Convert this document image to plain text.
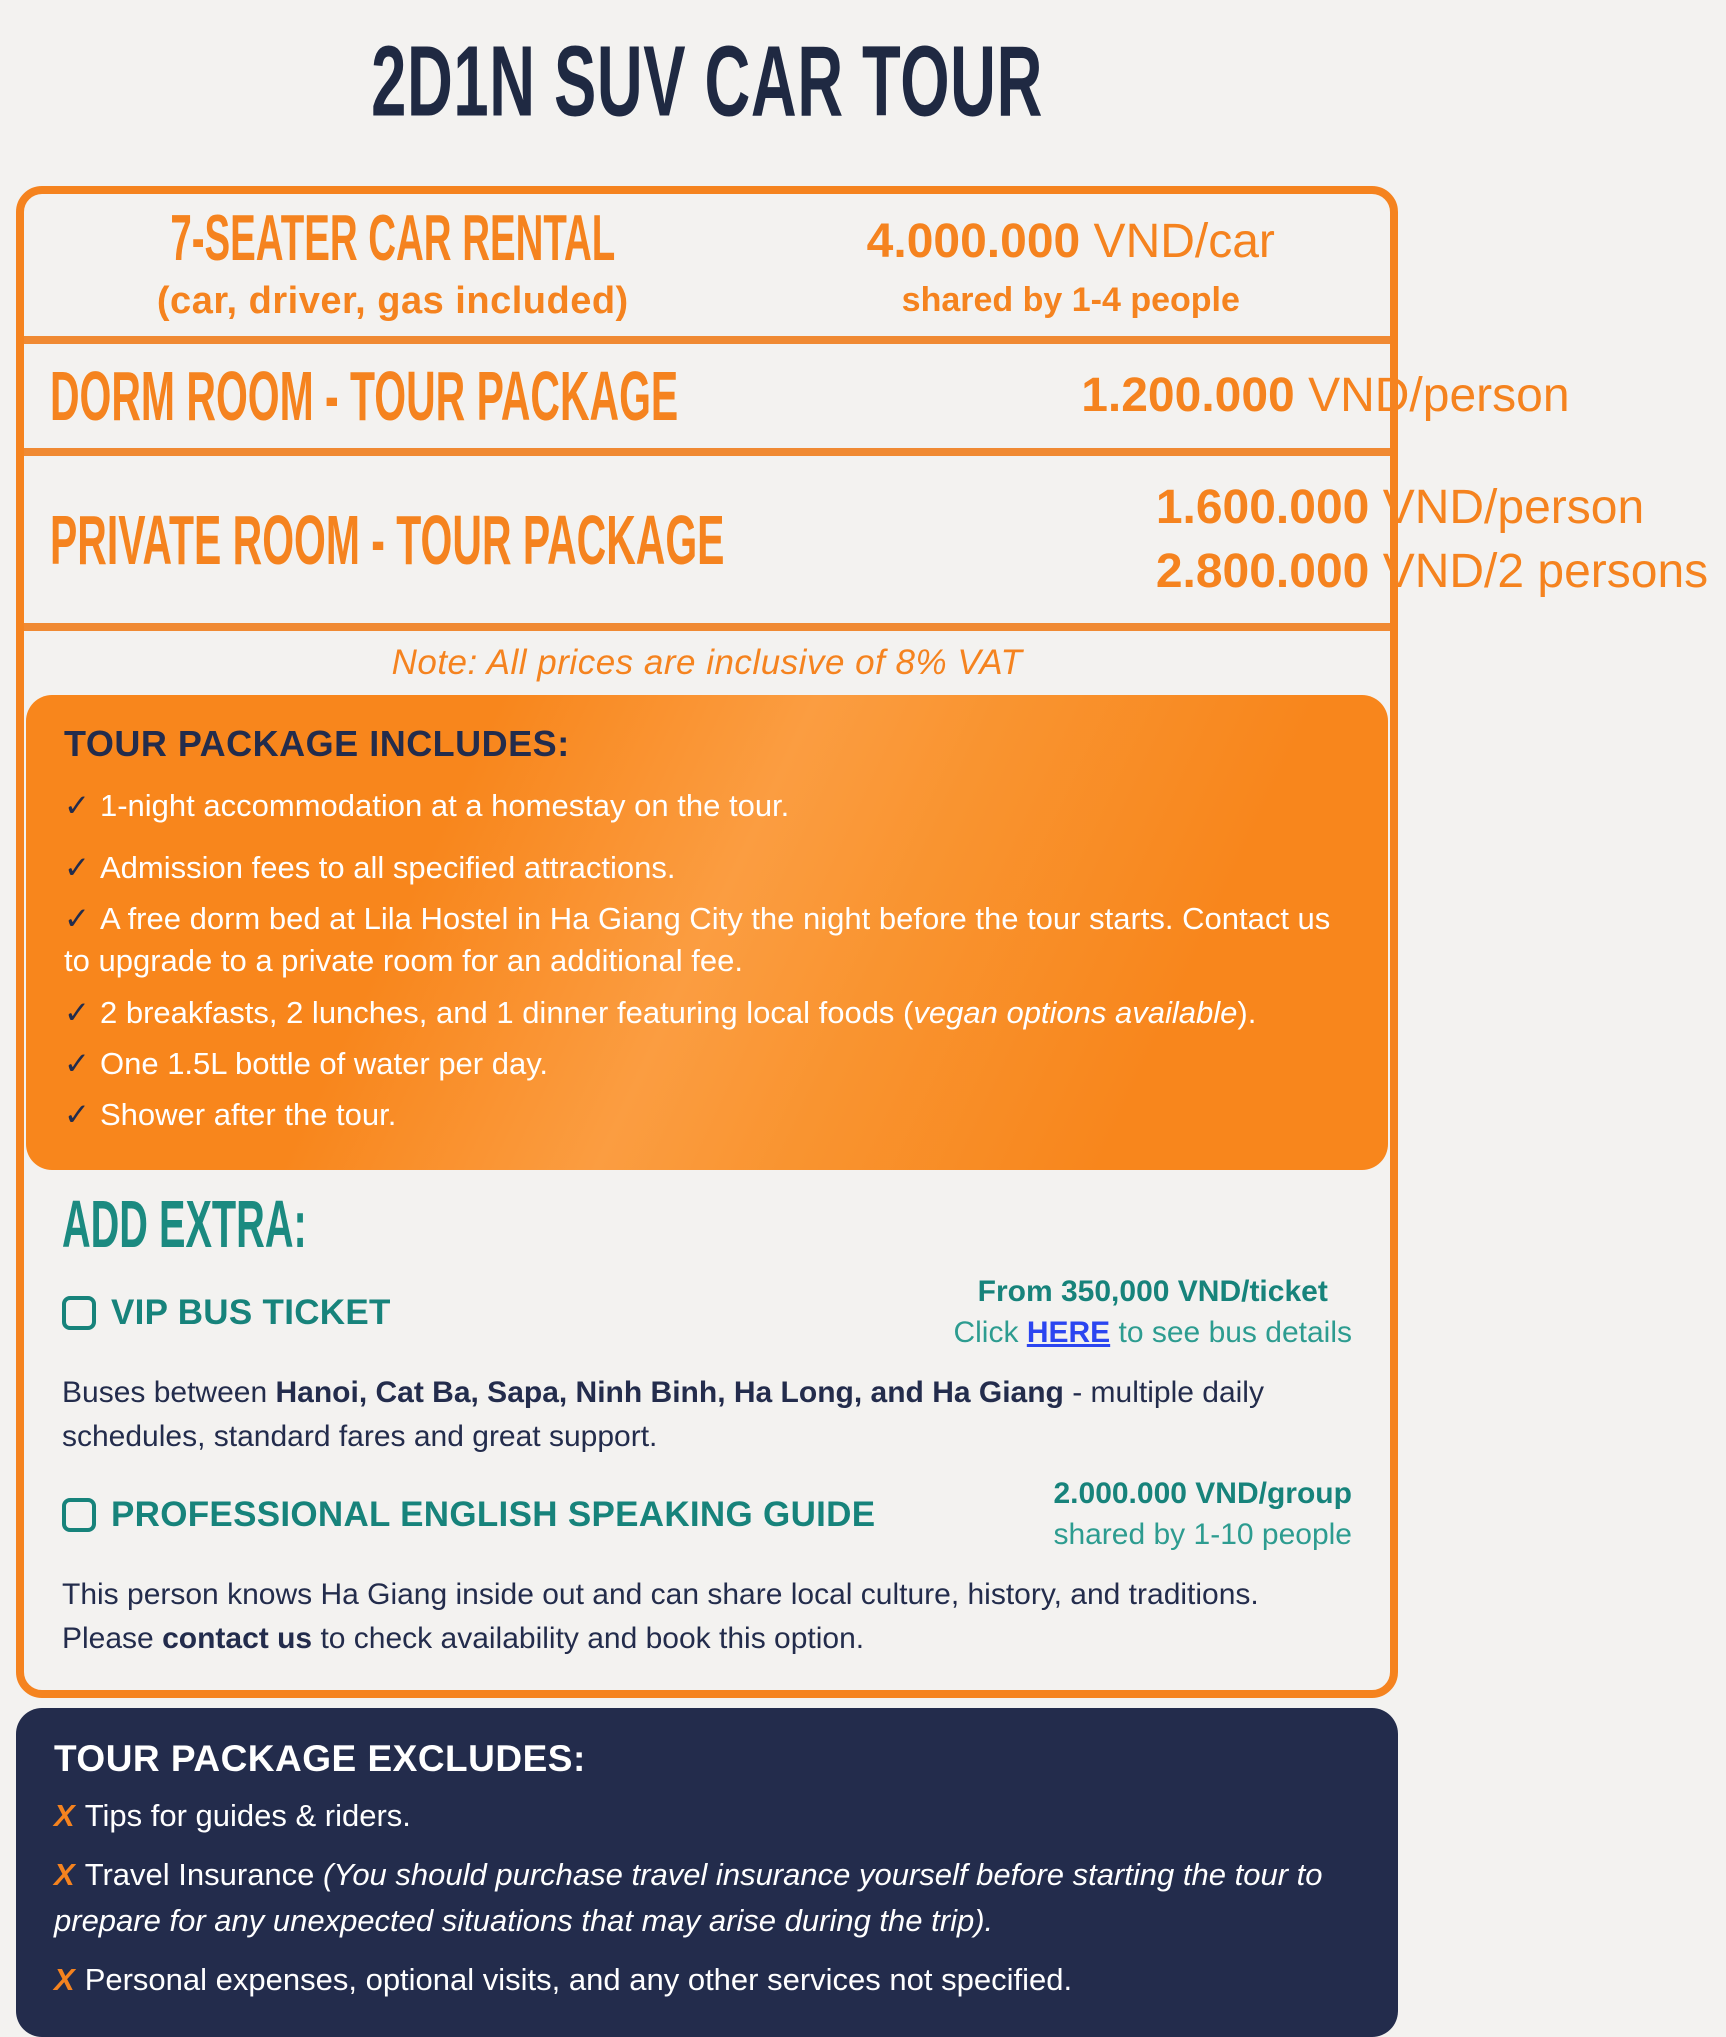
2D1N SUV CAR TOUR
7-SEATER CAR RENTAL
(car, driver, gas included)
4.000.000 VND/car
shared by 1-4 people
DORM ROOM - TOUR PACKAGE	1.200.000 VND/person
PRIVATE ROOM - TOUR PACKAGE	1.600.000 VND/person
2.800.000 VND/2 persons
Note: All prices are inclusive of 8% VAT
TOUR PACKAGE INCLUDES:
✓ 1-night accommodation at a homestay on the tour.
✓ Admission fees to all specified attractions.
✓ A free dorm bed at Lila Hostel in Ha Giang City the night before the tour starts. Contact us to upgrade to a private room for an additional fee.
✓ 2 breakfasts, 2 lunches, and 1 dinner featuring local foods (vegan options available).
✓ One 1.5L bottle of water per day.
✓ Shower after the tour.
ADD EXTRA:
VIP BUS TICKET
From 350,000 VND/ticket
Click HERE to see bus details
Buses between Hanoi, Cat Ba, Sapa, Ninh Binh, Ha Long, and Ha Giang - multiple daily schedules, standard fares and great support.
PROFESSIONAL ENGLISH SPEAKING GUIDE
2.000.000 VND/group
shared by 1-10 people
This person knows Ha Giang inside out and can share local culture, history, and traditions. Please contact us to check availability and book this option.
TOUR PACKAGE EXCLUDES:
X Tips for guides & riders.
X Travel Insurance (You should purchase travel insurance yourself before starting the tour to prepare for any unexpected situations that may arise during the trip).
X Personal expenses, optional visits, and any other services not specified.
